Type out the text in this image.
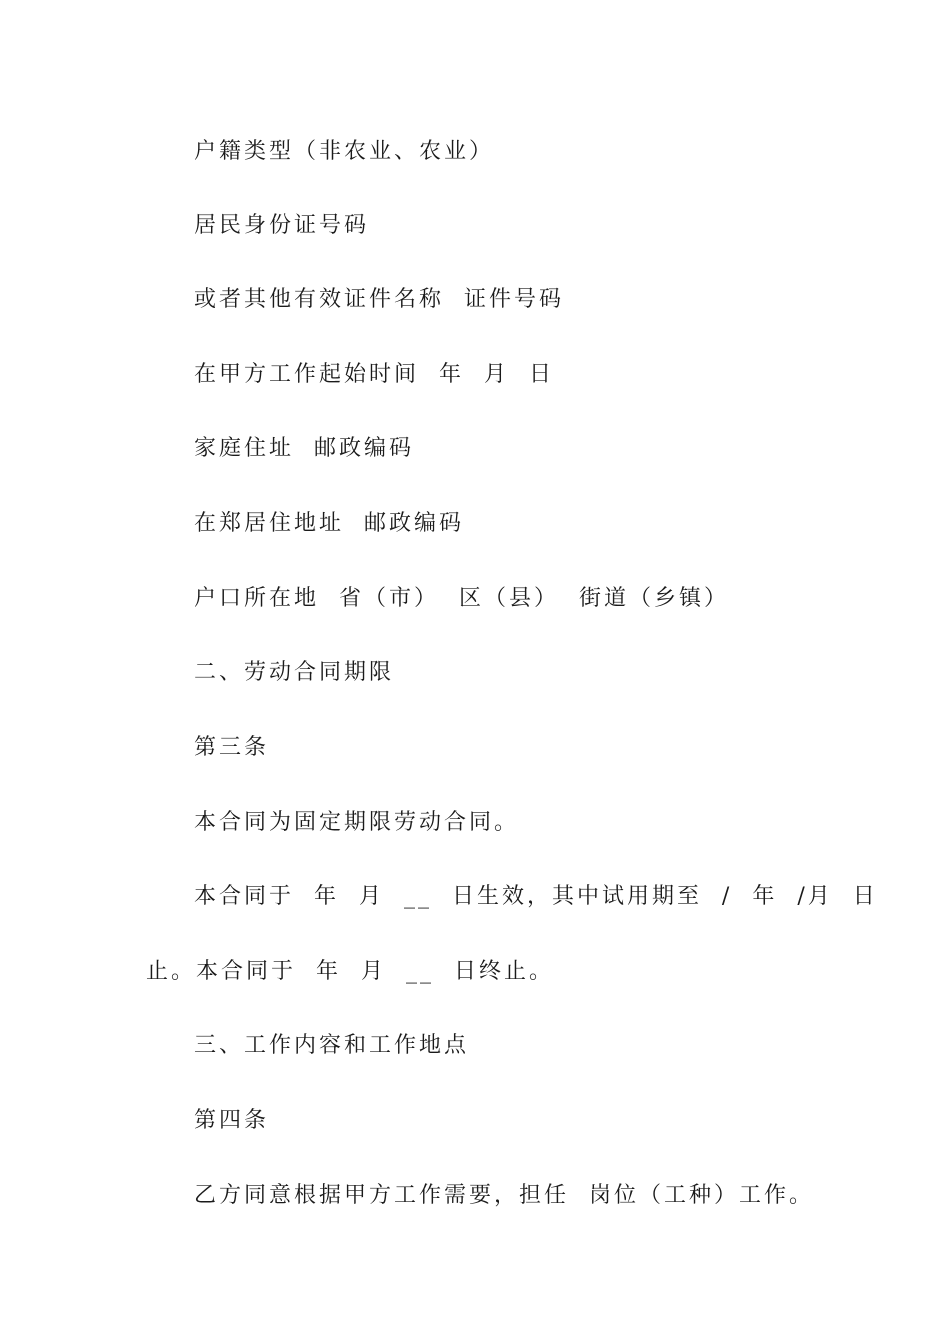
户籍类型（非农业、农业）

居民身份证号码

或者其他有效证件名称  证件号码

在甲方工作起始时间  年  月  日

家庭住址  邮政编码

在郑居住地址  邮政编码

户口所在地  省（市）  区（县）  街道（乡镇）

二、劳动合同期限

第三条

本合同为固定期限劳动合同。

本合同于  年  月  __  日生效，其中试用期至  /  年  /月  日

止。本合同于  年  月  __  日终止。

三、工作内容和工作地点

第四条

乙方同意根据甲方工作需要，担任  岗位（工种）工作。
